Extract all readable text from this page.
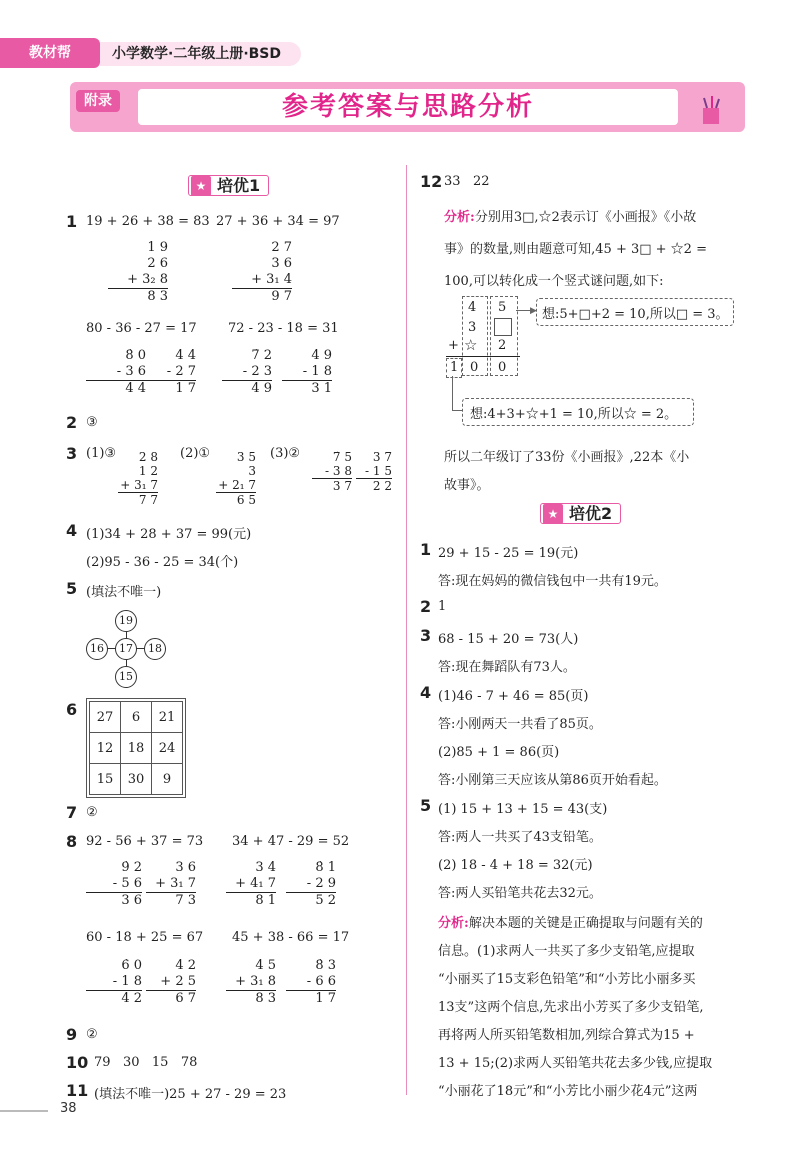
教材帮	小学数学·二年级上册·BSD
附录	参考答案与思路分析
★ 培优1
1 19 + 26 + 38 = 83 27 + 36 + 34 = 97
1 9
2 6
+ 3₂ 8
8 3
2 7
3 6
+ 3₁ 4
9 7
80 - 36 - 27 = 17 72 - 23 - 18 = 31
8̇ 0
- 3 6
4 4
4̇ 4
- 2 7
1 7
7̇ 2
- 2 3
4 9
4 9
- 1 8
3 1
2 ③
3 (1)③	2 8
1 2
+ 3₁ 7
7 7
(2)①	3 5
3
+ 2₁ 7
6 5
(3)②	7̇ 5
- 3 8
3 7
3 7
- 1 5
2 2
4 (1)34 + 28 + 37 = 99(元)
(2)95 - 36 - 25 = 34(个)
5 (填法不唯一)
19
16	17	18
15
6 27	6	21
12	18	24
15	30	9
7 ②
8 92 - 56 + 37 = 73 34 + 47 - 29 = 52
9̇ 2
- 5 6
3 6
3 6
+ 3₁ 7
7 3
3 4
+ 4₁ 7
8 1
8̇ 1
- 2 9
5 2
60 - 18 + 25 = 67 45 + 38 - 66 = 17
6̇ 0
- 1 8
4 2
4 2
+ 2 5
6 7
4 5
+ 3₁ 8
8 3
8̇ 3
- 6 6
1 7
9 ②
10 79   30   15   78
11 (填法不唯一)25 + 27 - 29 = 23
12 33   22
分析:分别用3□,☆2表示订《小画报》《小故
事》的数量,则由题意可知,45 + 3□ + ☆2 =
100,可以转化成一个竖式谜问题,如下:
4 5
3
+ ☆ 2
1 0 0
▶ 想:5+□+2 = 10,所以□ = 3。
想:4+3+☆+1 = 10,所以☆ = 2。
所以二年级订了33份《小画报》,22本《小
故事》。
★ 培优2
1 29 + 15 - 25 = 19(元)
答:现在妈妈的微信钱包中一共有19元。
2 1
3 68 - 15 + 20 = 73(人)
答:现在舞蹈队有73人。
4 (1)46 - 7 + 46 = 85(页)
答:小刚两天一共看了85页。
(2)85 + 1 = 86(页)
答:小刚第三天应该从第86页开始看起。
5 (1) 15 + 13 + 15 = 43(支)
答:两人一共买了43支铅笔。
(2) 18 - 4 + 18 = 32(元)
答:两人买铅笔共花去32元。
分析:解决本题的关键是正确提取与问题有关的
信息。(1)求两人一共买了多少支铅笔,应提取
“小丽买了15支彩色铅笔”和“小芳比小丽多买
13支”这两个信息,先求出小芳买了多少支铅笔,
再将两人所买铅笔数相加,列综合算式为15 +
13 + 15;(2)求两人买铅笔共花去多少钱,应提取
“小丽花了18元”和“小芳比小丽少花4元”这两
38
